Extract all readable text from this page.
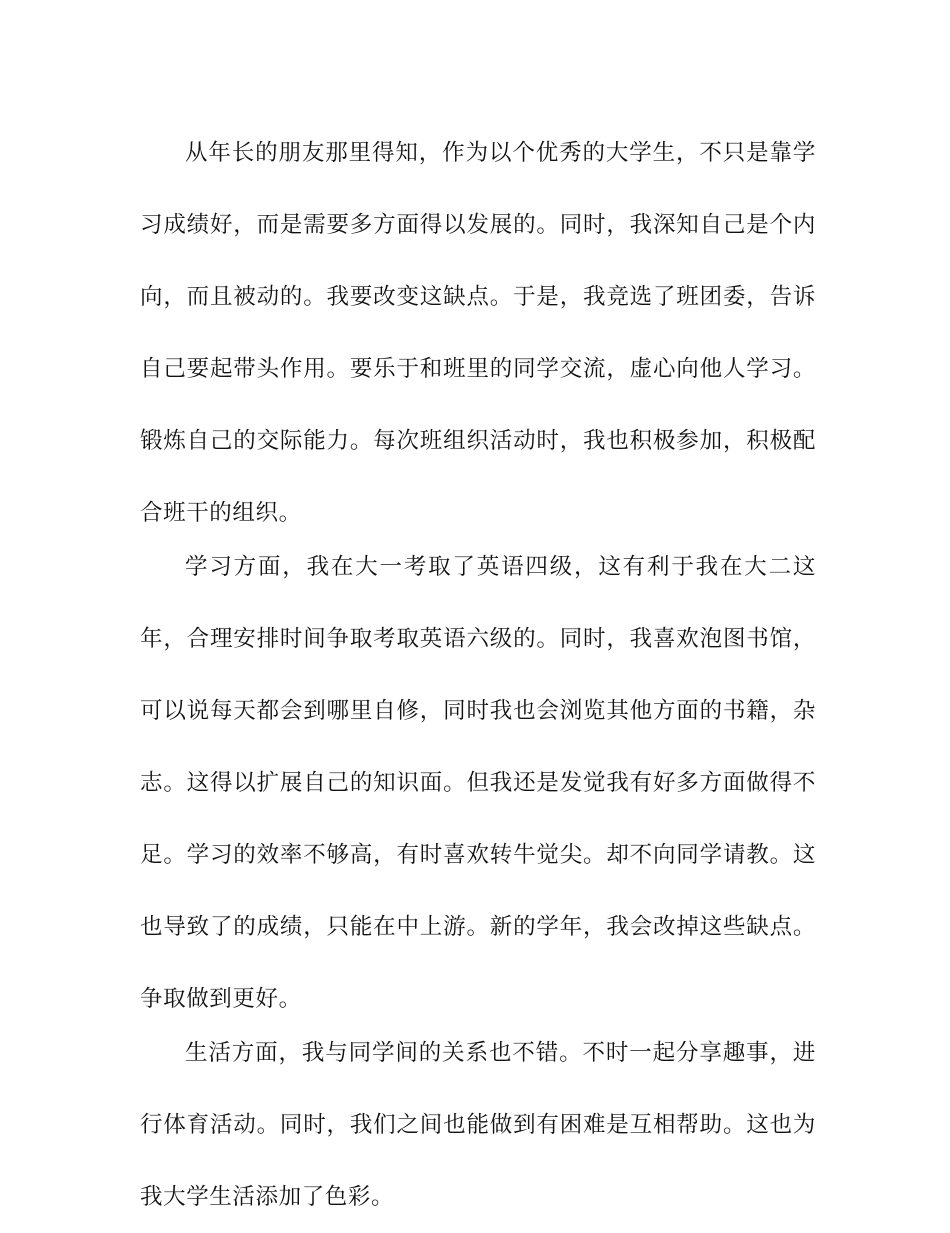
从年长的朋友那里得知，作为以个优秀的大学生，不只是靠学习成绩好，而是需要多方面得以发展的。同时，我深知自己是个内向，而且被动的。我要改变这缺点。于是，我竞选了班团委，告诉自己要起带头作用。要乐于和班里的同学交流，虚心向他人学习。锻炼自己的交际能力。每次班组织活动时，我也积极参加，积极配合班干的组织。

学习方面，我在大一考取了英语四级，这有利于我在大二这年，合理安排时间争取考取英语六级的。同时，我喜欢泡图书馆，可以说每天都会到哪里自修，同时我也会浏览其他方面的书籍，杂志。这得以扩展自己的知识面。但我还是发觉我有好多方面做得不足。学习的效率不够高，有时喜欢转牛觉尖。却不向同学请教。这也导致了的成绩，只能在中上游。新的学年，我会改掉这些缺点。争取做到更好。

生活方面，我与同学间的关系也不错。不时一起分享趣事，进行体育活动。同时，我们之间也能做到有困难是互相帮助。这也为我大学生活添加了色彩。
